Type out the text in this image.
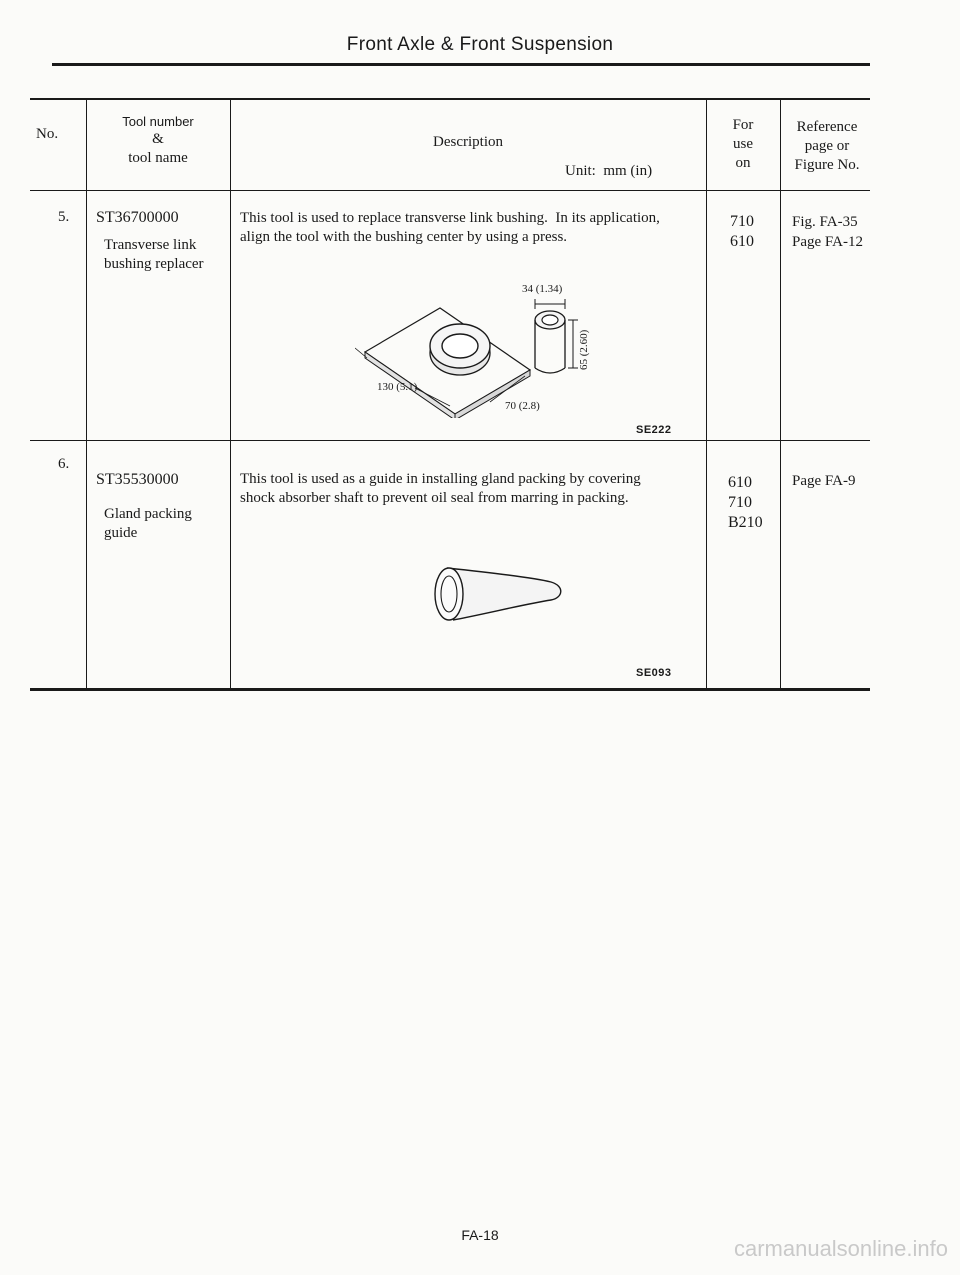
Front Axle & Front Suspension
No.
Tool number
&
tool name
Description
Unit:  mm (in)
For
use
on
Reference
page or
Figure No.
5. ST36700000
Transverse link
bushing replacer
This tool is used to replace transverse link bushing.  In its application,
align the tool with the bushing center by using a press.
710
610
Fig. FA-35
Page FA-12
34 (1.34)
65 (2.60)
130 (5.1)
70 (2.8)
SE222
6.
ST35530000
Gland packing
guide
This tool is used as a guide in installing gland packing by covering
shock absorber shaft to prevent oil seal from marring in packing.
610
710
B210
Page FA-9
SE093
FA-18
carmanualsonline.info
